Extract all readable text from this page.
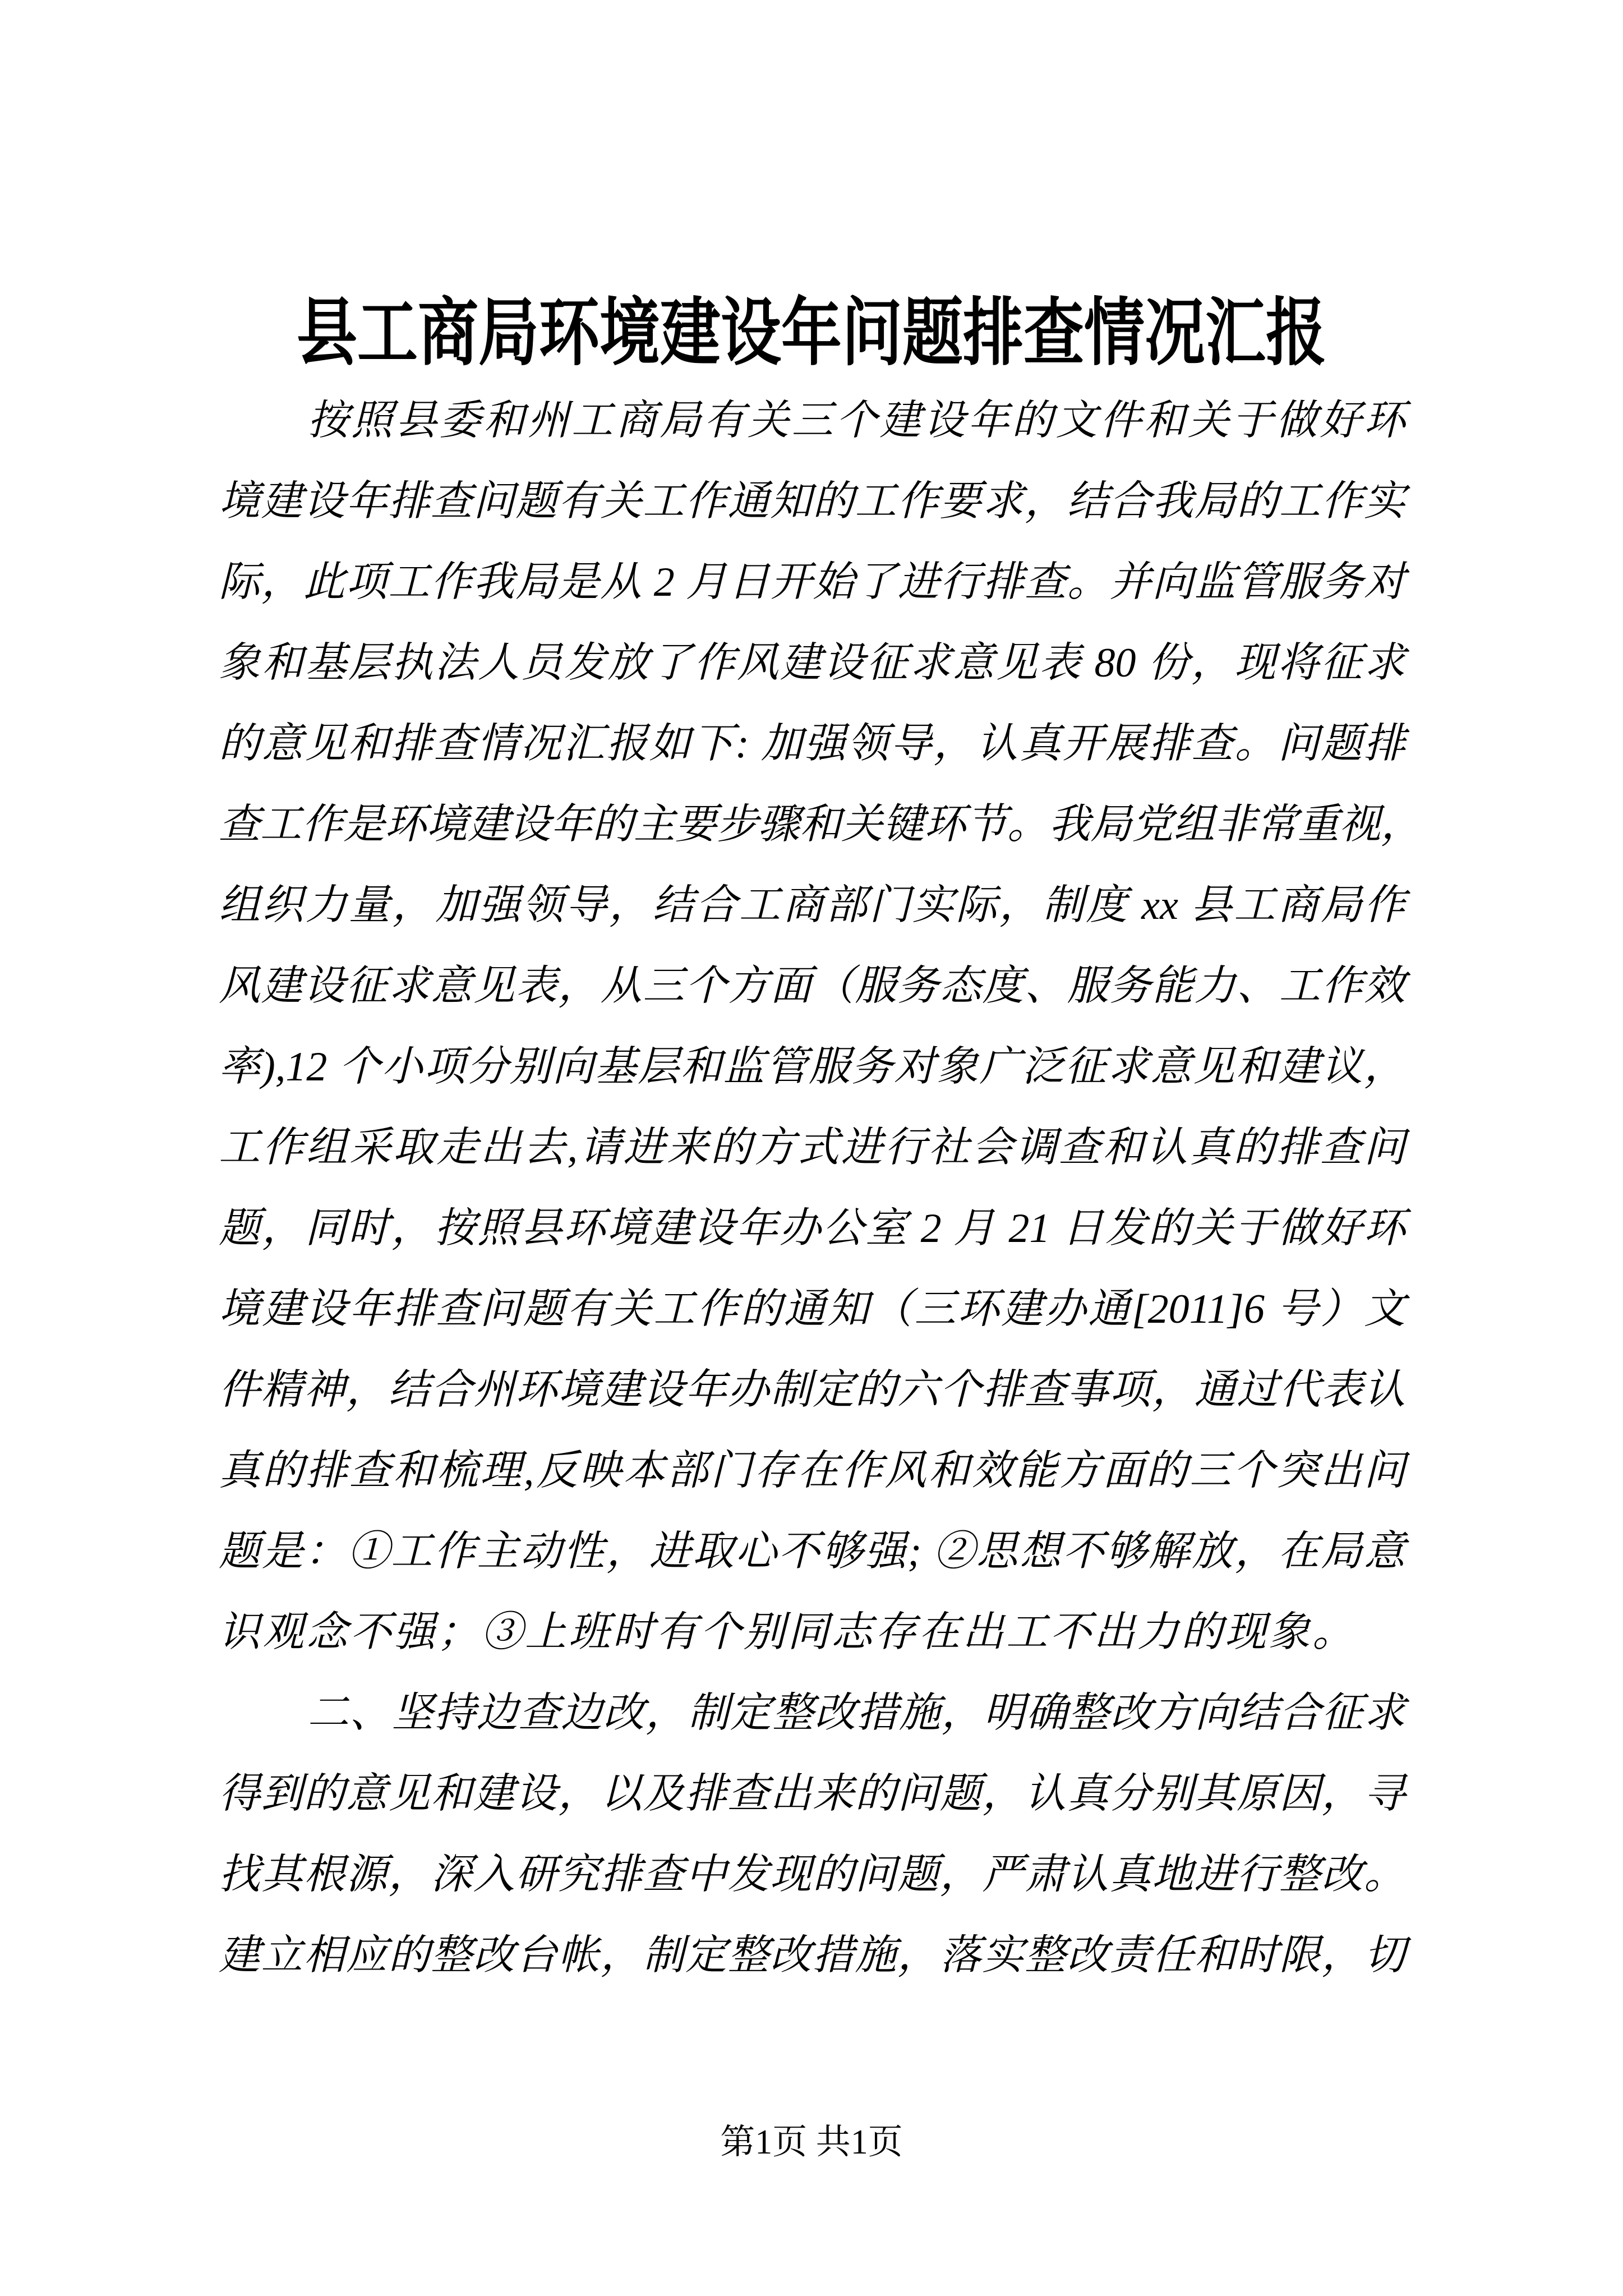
县工商局环境建设年问题排查情况汇报
按照县委和州工商局有关三个建设年的文件和关于做好环
境建设年排查问题有关工作通知的工作要求，结合我局的工作实
际，此项工作我局是从 2 月日开始了进行排查。并向监管服务对
象和基层执法人员发放了作风建设征求意见表 80 份，现将征求
的意见和排查情况汇报如下: 加强领导，认真开展排查。问题排
查工作是环境建设年的主要步骤和关键环节。我局党组非常重视，
组织力量，加强领导，结合工商部门实际，制度 xx 县工商局作
风建设征求意见表，从三个方面（服务态度、服务能力、工作效
率),12 个小项分别向基层和监管服务对象广泛征求意见和建议，
工作组采取走出去,请进来的方式进行社会调查和认真的排查问
题，同时，按照县环境建设年办公室 2 月 21 日发的关于做好环
境建设年排查问题有关工作的通知（三环建办通[2011]6 号）文
件精神，结合州环境建设年办制定的六个排查事项，通过代表认
真的排查和梳理,反映本部门存在作风和效能方面的三个突出问
题是：①工作主动性，进取心不够强; ②思想不够解放，在局意
识观念不强；③上班时有个别同志存在出工不出力的现象。
二、坚持边查边改，制定整改措施，明确整改方向结合征求
得到的意见和建设，以及排查出来的问题，认真分别其原因，寻
找其根源，深入研究排查中发现的问题，严肃认真地进行整改。
建立相应的整改台帐，制定整改措施，落实整改责任和时限，切
第1页 共1页
